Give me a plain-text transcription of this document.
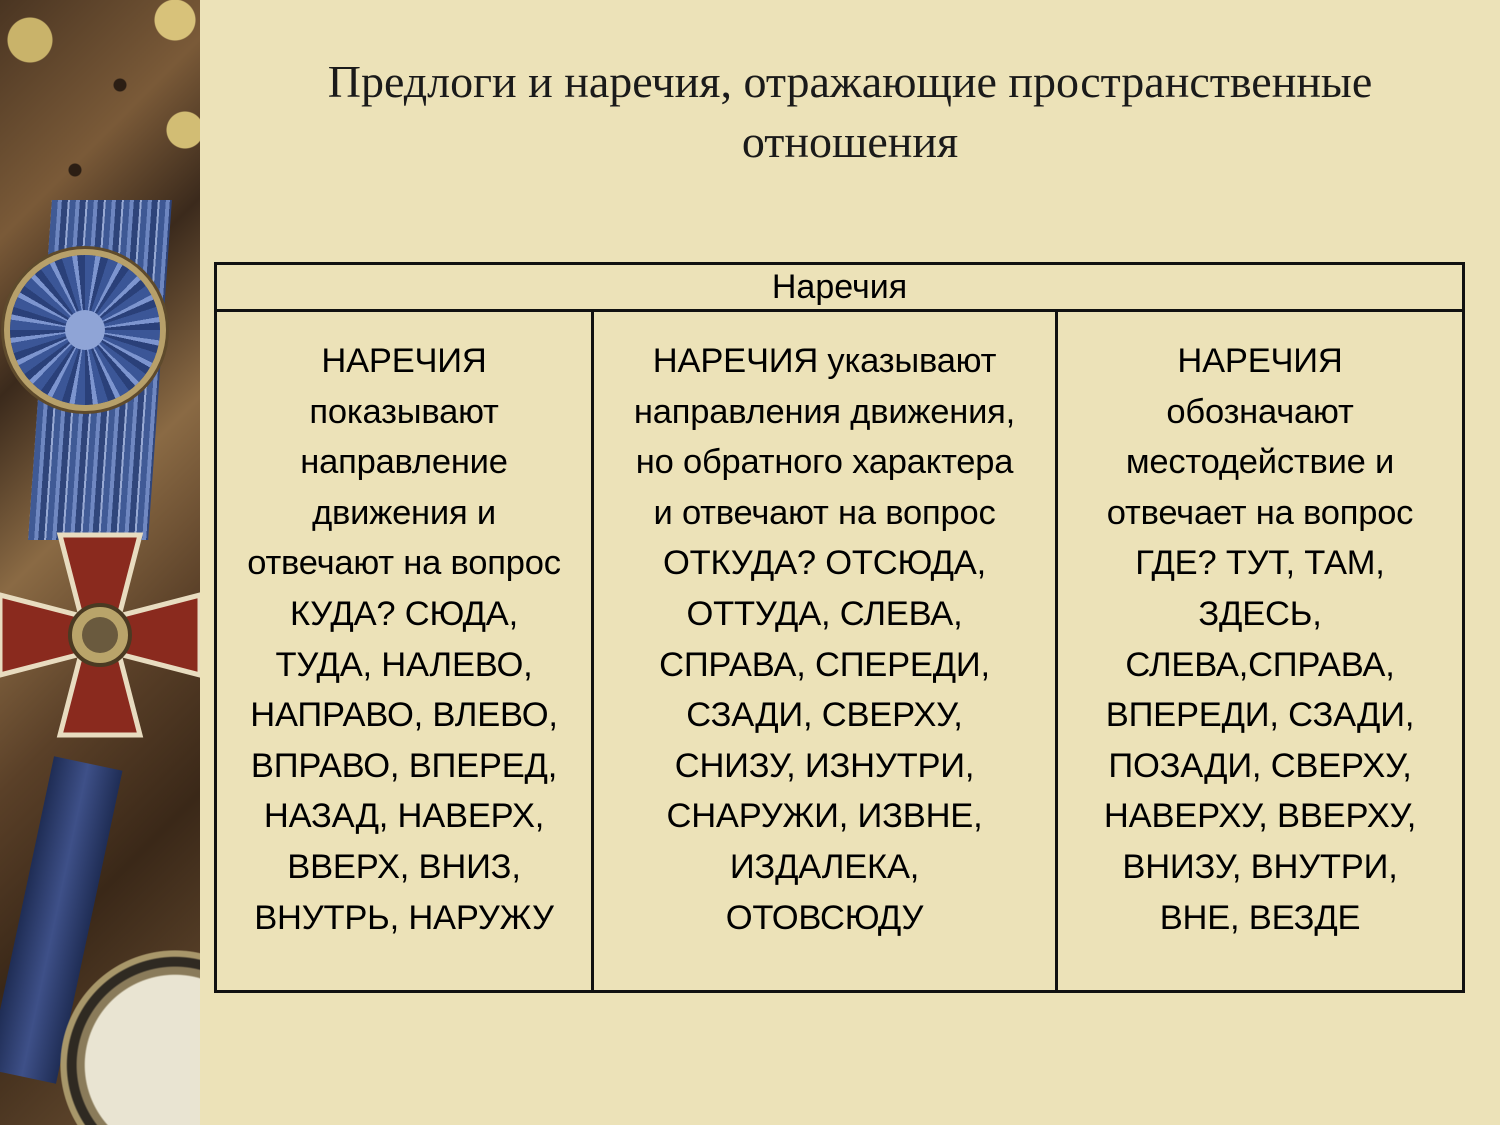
Предлоги и наречия, отражающие пространственные
отношения
Наречия

НАРЕЧИЯ
показывают
направление
движения и
отвечают на вопрос
КУДА? СЮДА,
ТУДА, НАЛЕВО,
НАПРАВО, ВЛЕВО,
ВПРАВО, ВПЕРЕД,
НАЗАД, НАВЕРХ,
ВВЕРХ, ВНИЗ,
ВНУТРЬ, НАРУЖУ

НАРЕЧИЯ указывают
направления движения,
но обратного характера
и отвечают на вопрос
ОТКУДА? ОТСЮДА,
ОТТУДА, СЛЕВА,
СПРАВА, СПЕРЕДИ,
СЗАДИ, СВЕРХУ,
СНИЗУ, ИЗНУТРИ,
СНАРУЖИ, ИЗВНЕ,
ИЗДАЛЕКА,
ОТОВСЮДУ

НАРЕЧИЯ
обозначают
местодействие и
отвечает на вопрос
ГДЕ? ТУТ, ТАМ,
ЗДЕСЬ,
СЛЕВА,СПРАВА,
ВПЕРЕДИ, СЗАДИ,
ПОЗАДИ, СВЕРХУ,
НАВЕРХУ, ВВЕРХУ,
ВНИЗУ, ВНУТРИ,
ВНЕ, ВЕЗДЕ
